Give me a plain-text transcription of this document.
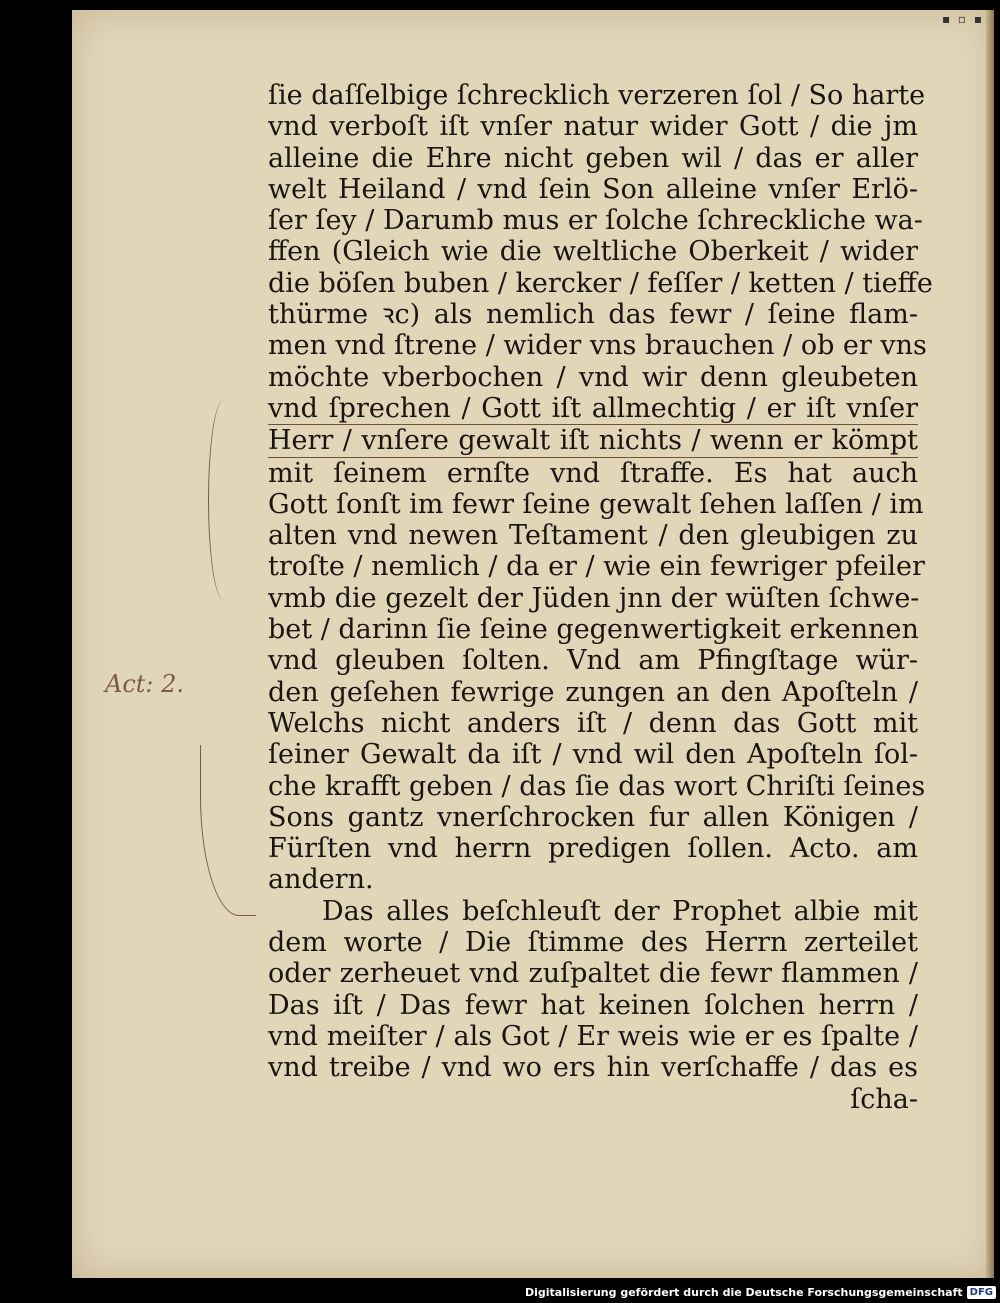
▪ ▫ ▪
Act: 2.
ſie daſſelbige ſchrecklich verzeren ſol / So harte
vnd verboſt iſt vnſer natur wider Gott / die jm
alleine die Ehre nicht geben wil / das er aller
welt Heiland / vnd ſein Son alleine vnſer Erlö-
ſer ſey / Darumb mus er ſolche ſchreckliche wa-
ffen (Gleich wie die weltliche Oberkeit / wider
die böſen buben / kercker / feſſer / ketten / tieffe
thürme ꝛc) als nemlich das fewr / ſeine flam-
men vnd ſtrene / wider vns brauchen / ob er vns
möchte vberbochen / vnd wir denn gleubeten
vnd ſprechen / Gott iſt allmechtig / er iſt vnſer
Herr / vnſere gewalt iſt nichts / wenn er kömpt
mit ſeinem ernſte vnd ſtraffe. Es hat auch
Gott ſonſt im fewr ſeine gewalt ſehen laſſen / im
alten vnd newen Teſtament / den gleubigen zu
troſte / nemlich / da er / wie ein fewriger pfeiler
vmb die gezelt der Jüden jnn der wüſten ſchwe-
bet / darinn ſie ſeine gegenwertigkeit erkennen
vnd gleuben ſolten. Vnd am Pfingſtage wür-
den geſehen fewrige zungen an den Apoſteln /
Welchs nicht anders iſt / denn das Gott mit
ſeiner Gewalt da iſt / vnd wil den Apoſteln ſol-
che krafft geben / das ſie das wort Chriſti ſeines
Sons gantz vnerſchrocken fur allen Königen /
Fürſten vnd herrn predigen ſollen. Acto. am
andern.
Das alles beſchleuſt der Prophet albie mit
dem worte / Die ſtimme des Herrn zerteilet
oder zerheuet vnd zuſpaltet die fewr flammen /
Das iſt / Das fewr hat keinen ſolchen herrn /
vnd meiſter / als Got / Er weis wie er es ſpalte /
vnd treibe / vnd wo ers hin verſchaffe / das es
ſcha-
Digitalisierung gefördert durch die Deutsche Forschungsgemeinschaft DFG
